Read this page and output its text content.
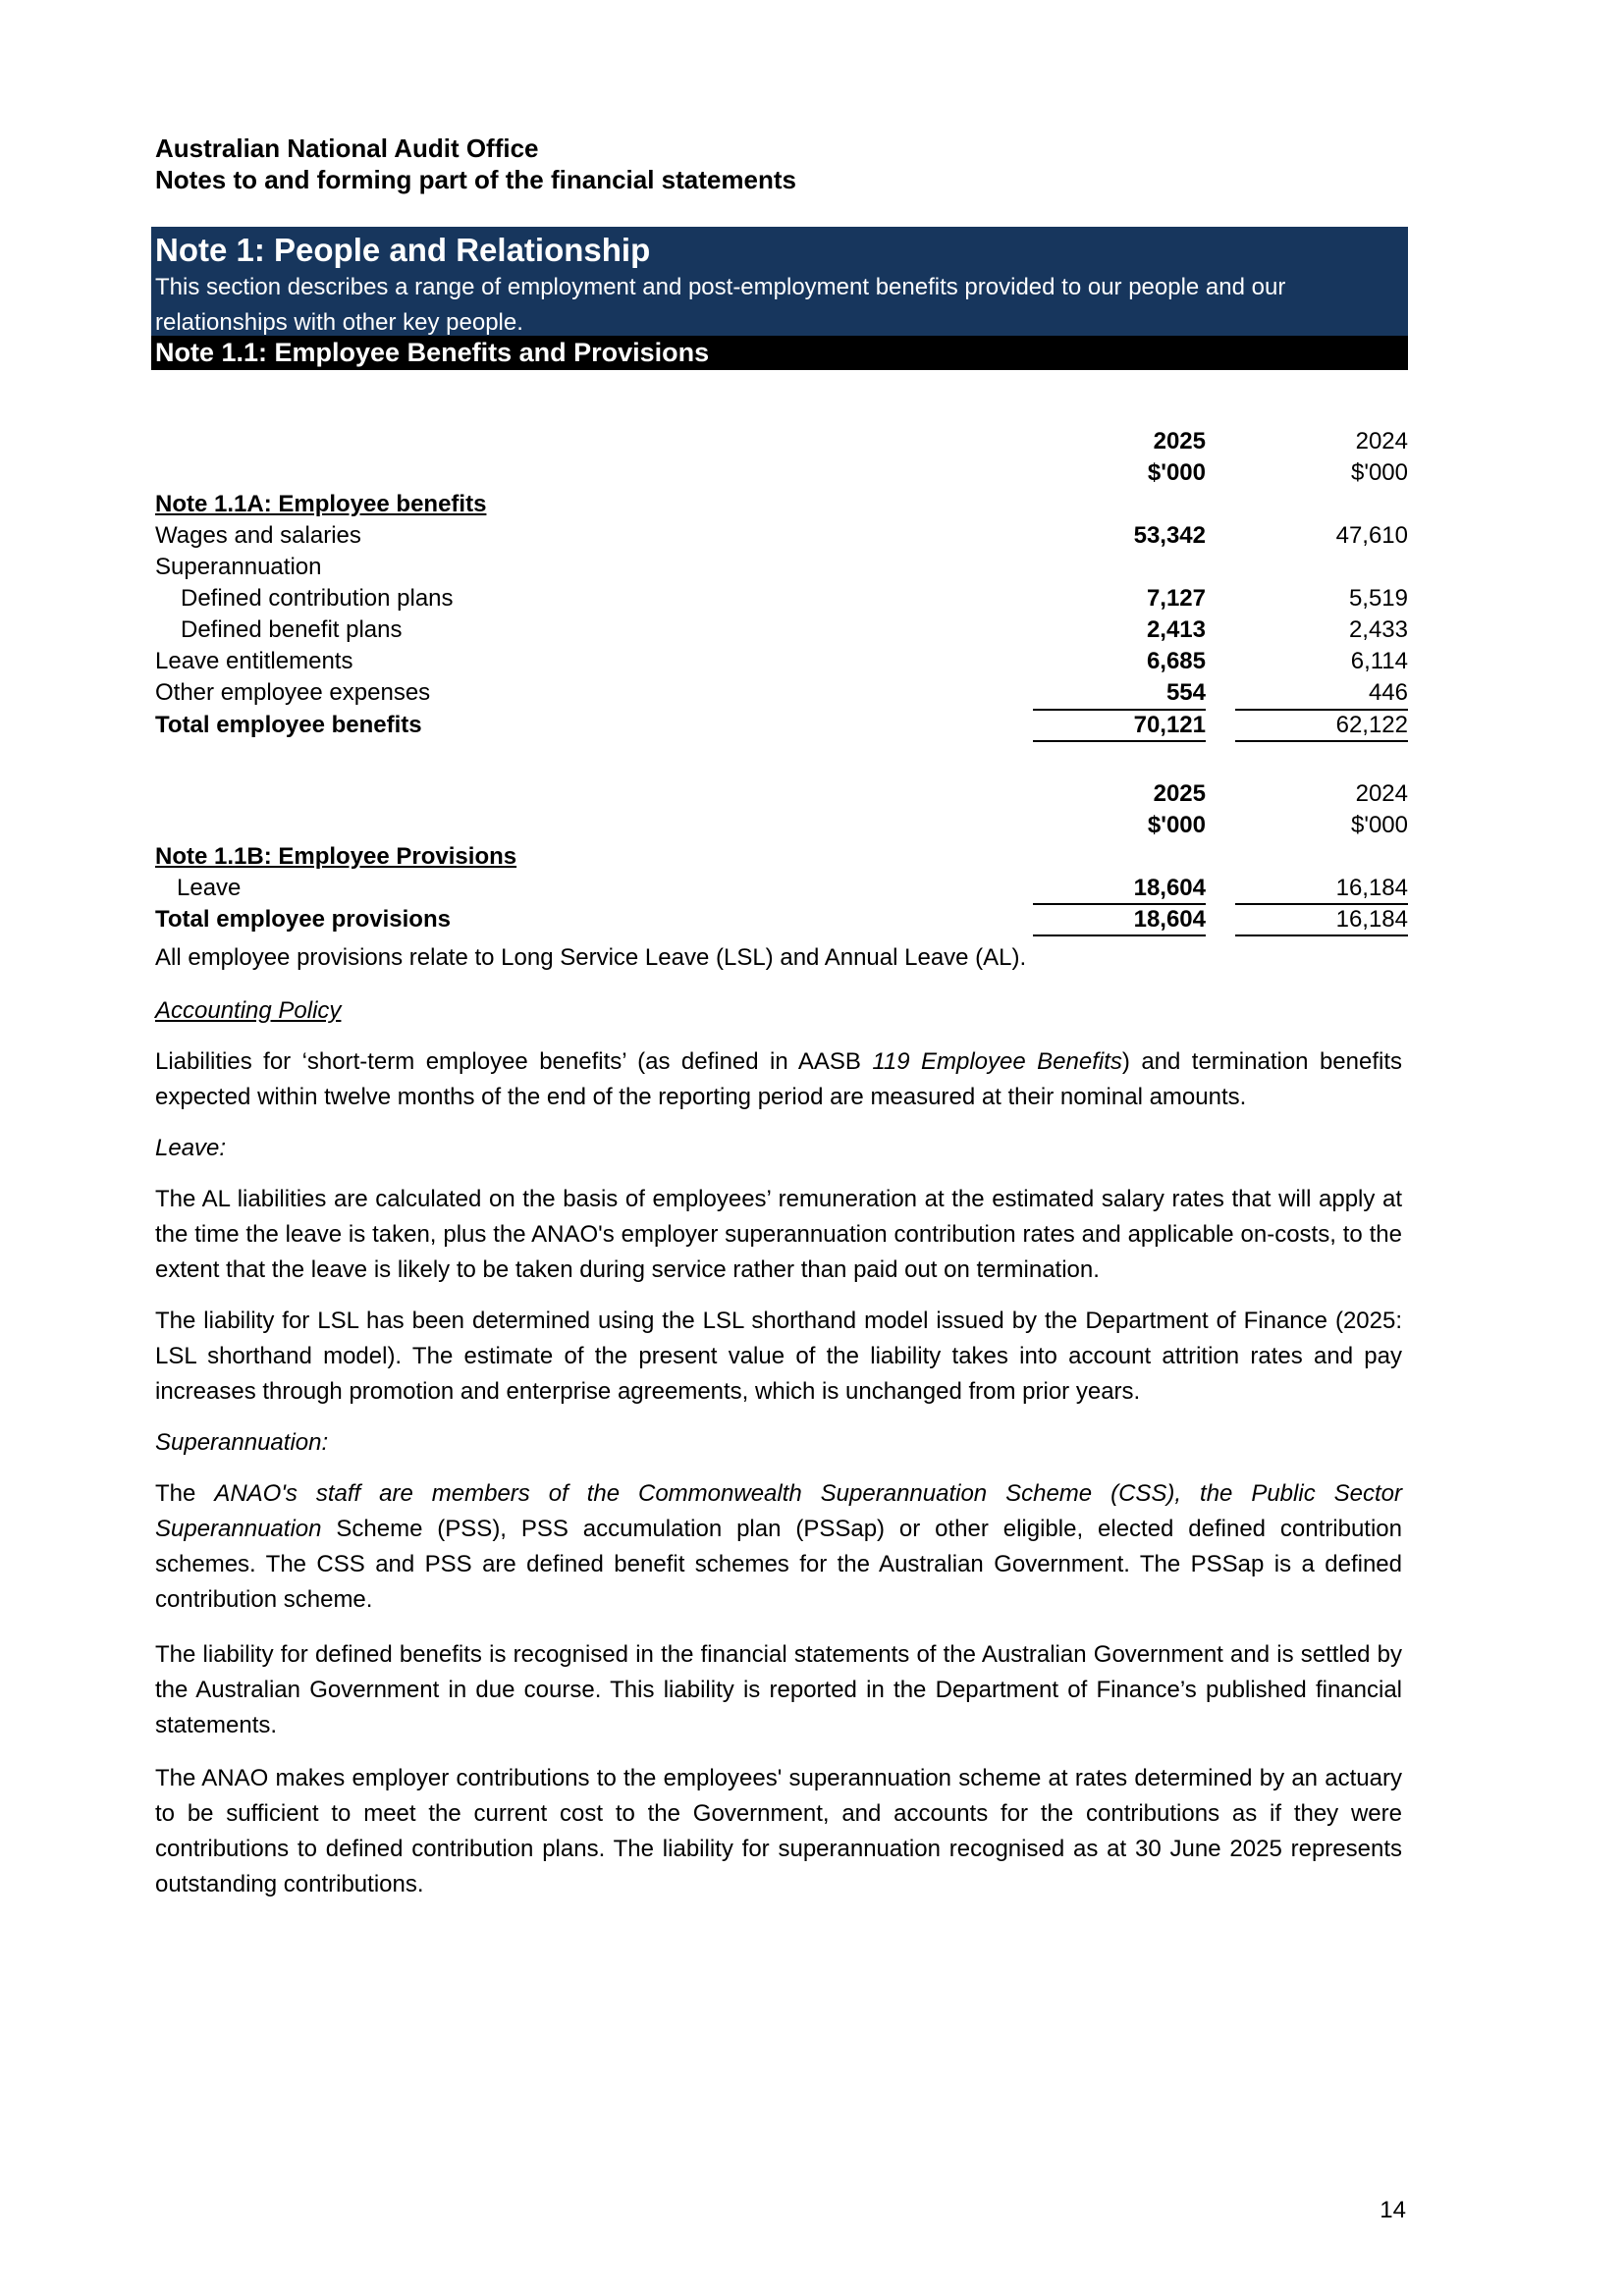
Australian National Audit Office
Notes to and forming part of the financial statements
Note 1: People and Relationship
This section describes a range of employment and post-employment benefits provided to our people and our relationships with other key people.
Note 1.1: Employee Benefits and Provisions
2025	2024
$'000	$'000
Note 1.1A: Employee benefits
Wages and salaries	53,342	47,610
Superannuation
Defined contribution plans	7,127	5,519
Defined benefit plans	2,413	2,433
Leave entitlements	6,685	6,114
Other employee expenses	554	446
Total employee benefits	70,121	62,122
2025	2024
$'000	$'000
Note 1.1B: Employee Provisions
Leave	18,604	16,184
Total employee provisions	18,604	16,184
All employee provisions relate to Long Service Leave (LSL) and Annual Leave (AL).
Accounting Policy
Liabilities for ‘short-term employee benefits’ (as defined in AASB 119 Employee Benefits) and termination benefits expected within twelve months of the end of the reporting period are measured at their nominal amounts.
Leave:
The AL liabilities are calculated on the basis of employees’ remuneration at the estimated salary rates that will apply at the time the leave is taken, plus the ANAO's employer superannuation contribution rates and applicable on-costs, to the extent that the leave is likely to be taken during service rather than paid out on termination.
The liability for LSL has been determined using the LSL shorthand model issued by the Department of Finance (2025: LSL shorthand model). The estimate of the present value of the liability takes into account attrition rates and pay increases through promotion and enterprise agreements, which is unchanged from prior years.
Superannuation:
The ANAO's staff are members of the Commonwealth Superannuation Scheme (CSS), the Public Sector Superannuation Scheme (PSS), PSS accumulation plan (PSSap) or other eligible, elected defined contribution schemes. The CSS and PSS are defined benefit schemes for the Australian Government. The PSSap is a defined contribution scheme.
The liability for defined benefits is recognised in the financial statements of the Australian Government and is settled by the Australian Government in due course. This liability is reported in the Department of Finance’s published financial statements.
The ANAO makes employer contributions to the employees' superannuation scheme at rates determined by an actuary to be sufficient to meet the current cost to the Government, and accounts for the contributions as if they were contributions to defined contribution plans. The liability for superannuation recognised as at 30 June 2025 represents outstanding contributions.
14
